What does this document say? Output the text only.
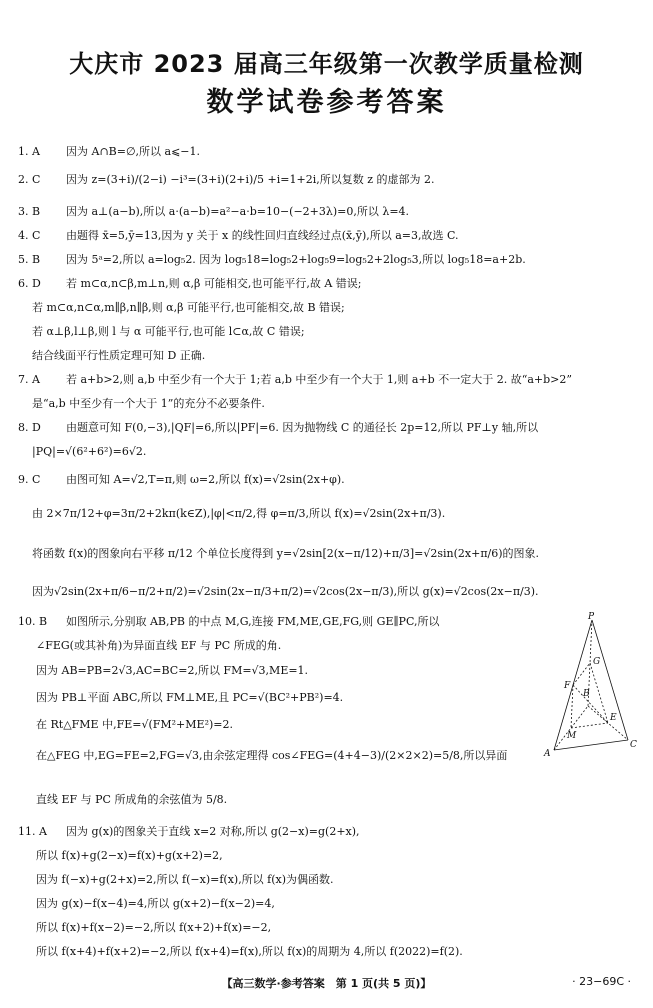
大庆市 2023 届高三年级第一次教学质量检测
数学试卷参考答案
1. A 因为 A∩B=∅,所以 a⩽−1.
2. C 因为 z=(3+i)/(2−i) −i³=(3+i)(2+i)/5 +i=1+2i,所以复数 z 的虚部为 2.
3. B 因为 a⊥(a−b),所以 a·(a−b)=a²−a·b=10−(−2+3λ)=0,所以 λ=4.
4. C 由题得 x̄=5,ȳ=13,因为 y 关于 x 的线性回归直线经过点(x̄,ȳ),所以 a=3,故选 C.
5. B 因为 5ᵃ=2,所以 a=log₅2. 因为 log₅18=log₅2+log₅9=log₅2+2log₅3,所以 log₅18=a+2b.
6. D 若 m⊂α,n⊂β,m⊥n,则 α,β 可能相交,也可能平行,故 A 错误;
若 m⊂α,n⊂α,m∥β,n∥β,则 α,β 可能平行,也可能相交,故 B 错误;
若 α⊥β,l⊥β,则 l 与 α 可能平行,也可能 l⊂α,故 C 错误;
结合线面平行性质定理可知 D 正确.
7. A 若 a+b>2,则 a,b 中至少有一个大于 1;若 a,b 中至少有一个大于 1,则 a+b 不一定大于 2. 故“a+b>2”
是“a,b 中至少有一个大于 1”的充分不必要条件.
8. D 由题意可知 F(0,−3),|QF|=6,所以|PF|=6. 因为抛物线 C 的通径长 2p=12,所以 PF⊥y 轴,所以
|PQ|=√(6²+6²)=6√2.
9. C 由图可知 A=√2,T=π,则 ω=2,所以 f(x)=√2sin(2x+φ).
由 2×7π/12+φ=3π/2+2kπ(k∈Z),|φ|<π/2,得 φ=π/3,所以 f(x)=√2sin(2x+π/3).
将函数 f(x)的图象向右平移 π/12 个单位长度得到 y=√2sin[2(x−π/12)+π/3]=√2sin(2x+π/6)的图象.
因为√2sin(2x+π/6−π/2+π/2)=√2sin(2x−π/3+π/2)=√2cos(2x−π/3),所以 g(x)=√2cos(2x−π/3).
10. B 如图所示,分别取 AB,PB 的中点 M,G,连接 FM,ME,GE,FG,则 GE∥PC,所以
∠FEG(或其补角)为异面直线 EF 与 PC 所成的角.
因为 AB=PB=2√3,AC=BC=2,所以 FM=√3,ME=1.
因为 PB⊥平面 ABC,所以 FM⊥ME,且 PC=√(BC²+PB²)=4.
在 Rt△FME 中,FE=√(FM²+ME²)=2.
在△FEG 中,EG=FE=2,FG=√3,由余弦定理得 cos∠FEG=(4+4−3)/(2×2×2)=5/8,所以异面
直线 EF 与 PC 所成角的余弦值为 5/8.
11. A 因为 g(x)的图象关于直线 x=2 对称,所以 g(2−x)=g(2+x),
所以 f(x)+g(2−x)=f(x)+g(x+2)=2,
因为 f(−x)+g(2+x)=2,所以 f(−x)=f(x),所以 f(x)为偶函数.
因为 g(x)−f(x−4)=4,所以 g(x+2)−f(x−2)=4,
所以 f(x)+f(x−2)=−2,所以 f(x+2)+f(x)=−2,
所以 f(x+4)+f(x+2)=−2,所以 f(x+4)=f(x),所以 f(x)的周期为 4,所以 f(2022)=f(2).
P
G
F
B
E
M
A
C
【高三数学·参考答案　第 1 页(共 5 页)】	· 23−69C ·
